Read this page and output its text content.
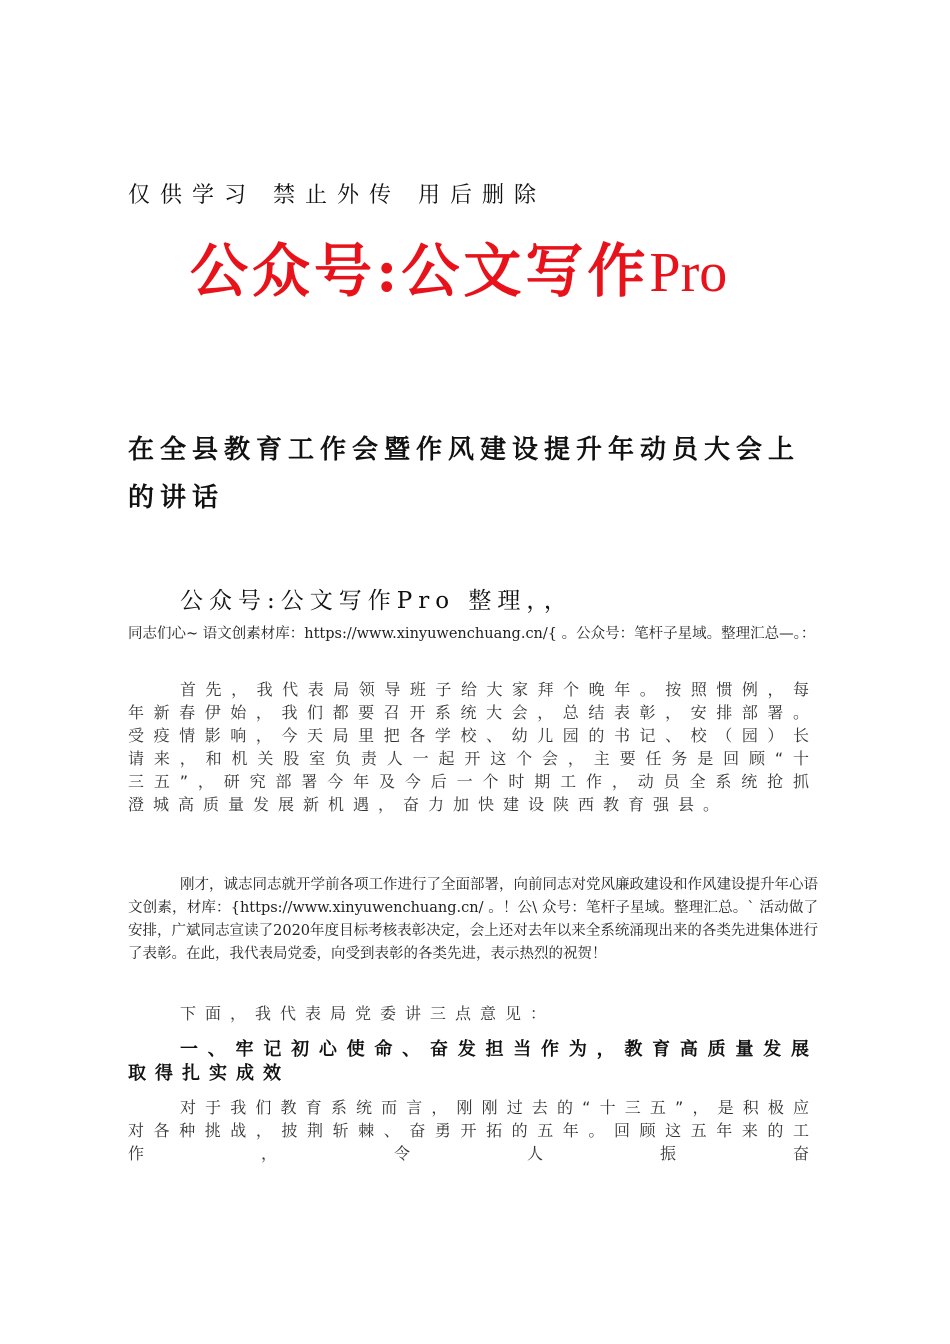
仅供学习 禁止外传 用后删除
公众号:公文写作Pro
在全县教育工作会暨作风建设提升年动员大会上的讲话
公众号:公文写作Pro 整理，，
同志们心~ 语文创素材库：https://www.xinyuwenchuang.cn/{ 。公众号：笔杆子星域。整理汇总—。：
首先，我代表局领导班子给大家拜个晚年。按照惯例，每年新春伊始，我们都要召开系统大会，总结表彰，安排部署。受疫情影响，今天局里把各学校、幼儿园的书记、校（园）长请来，和机关股室负责人一起开这个会，主要任务是回顾“十三五”，研究部署今年及今后一个时期工作，动员全系统抢抓澄城高质量发展新机遇，奋力加快建设陕西教育强县。
刚才，诚志同志就开学前各项工作进行了全面部署，向前同志对党风廉政建设和作风建设提升年心语文创素，材库：{https://www.xinyuwenchuang.cn/ 。！公\ 众号：笔杆子星域。整理汇总。` 活动做了安排，广斌同志宣读了2020年度目标考核表彰决定，会上还对去年以来全系统涌现出来的各类先进集体进行了表彰。在此，我代表局党委，向受到表彰的各类先进，表示热烈的祝贺！
下面，我代表局党委讲三点意见：
一、牢记初心使命、奋发担当作为，教育高质量发展取得扎实成效
对于我们教育系统而言，刚刚过去的“十三五”，是积极应对各种挑战，披荆斩棘、奋勇开拓的五年。回顾这五年来的工作，令人振奋
